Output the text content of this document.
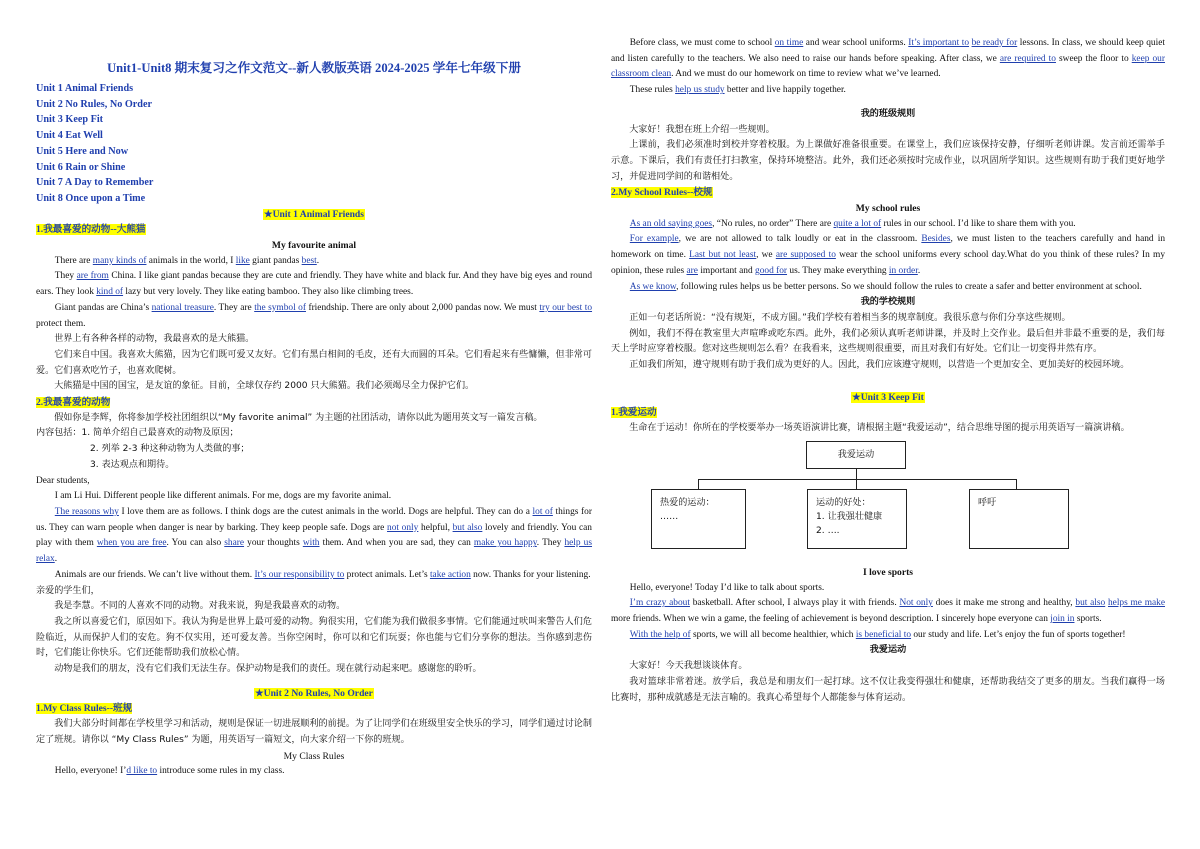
Unit1-Unit8 期末复习之作文范文--新人教版英语 2024-2025 学年七年级下册
Unit 1 Animal Friends
Unit 2 No Rules, No Order
Unit 3 Keep Fit
Unit 4 Eat Well
Unit 5 Here and Now
Unit 6 Rain or Shine
Unit 7 A Day to Remember
Unit 8 Once upon a Time
★Unit 1 Animal Friends
1.我最喜爱的动物--大熊猫
My favourite animal
There are many kinds of animals in the world, I like giant pandas best.
They are from China. I like giant pandas because they are cute and friendly. They have white and black fur. And they have big eyes and round ears. They look kind of lazy but very lovely. They like eating bamboo. They also like climbing trees.
Giant pandas are China’s national treasure. They are the symbol of friendship. There are only about 2,000 pandas now. We must try our best to protect them.
世界上有各种各样的动物，我最喜欢的是大熊猫。
它们来自中国。我喜欢大熊猫，因为它们既可爱又友好。它们有黑白相间的毛皮，还有大而圆的耳朵。它们看起来有些慵懒，但非常可爱。它们喜欢吃竹子，也喜欢爬树。
大熊猫是中国的国宝，是友谊的象征。目前，全球仅存约 2000 只大熊猫。我们必须竭尽全力保护它们。
2.我最喜爱的动物
假如你是李辉，你将参加学校社团组织以“My favorite animal” 为主题的社团活动，请你以此为题用英文写一篇发言稿。
内容包括：1. 简单介绍自己最喜欢的动物及原因；
2. 列举 2-3 种这种动物为人类做的事；
3. 表达观点和期待。
Dear students,
I am Li Hui. Different people like different animals. For me, dogs are my favorite animal.
The reasons why I love them are as follows. I think dogs are the cutest animals in the world. Dogs are helpful. They can do a lot of things for us. They can warn people when danger is near by barking. They keep people safe. Dogs are not only helpful, but also lovely and friendly. You can play with them when you are free. You can also share your thoughts with them. And when you are sad, they can make you happy. They help us relax.
Animals are our friends. We can’t live without them. It’s our responsibility to protect animals. Let’s take action now. Thanks for your listening.
亲爱的学生们，
我是李慧。不同的人喜欢不同的动物。对我来说，狗是我最喜欢的动物。
我之所以喜爱它们，原因如下。我认为狗是世界上最可爱的动物。狗很实用，它们能为我们做很多事情。它们能通过吠叫来警告人们危险临近，从而保护人们的安危。狗不仅实用，还可爱友善。当你空闲时，你可以和它们玩耍；你也能与它们分享你的想法。当你感到悲伤时，它们能让你快乐。它们还能帮助我们放松心情。
动物是我们的朋友，没有它们我们无法生存。保护动物是我们的责任。现在就行动起来吧。感谢您的聆听。
★Unit 2 No Rules, No Order
1.My Class Rules--班规
我们大部分时间都在学校里学习和活动，规则是保证一切进展顺利的前提。为了让同学们在班级里安全快乐的学习，同学们通过讨论制定了班规。请你以 “My Class Rules” 为题，用英语写一篇短文，向大家介绍一下你的班规。
My Class Rules
Hello, everyone! I’d like to introduce some rules in my class.
Before class, we must come to school on time and wear school uniforms. It’s important to be ready for lessons. In class, we should keep quiet and listen carefully to the teachers. We also need to raise our hands before speaking. After class, we are required to sweep the floor to keep our classroom clean. And we must do our homework on time to review what we’ve learned.
These rules help us study better and live happily together.
我的班级规则
大家好！我想在班上介绍一些规则。
上课前，我们必须准时到校并穿着校服。为上课做好准备很重要。在课堂上，我们应该保持安静，仔细听老师讲课。发言前还需举手示意。下课后，我们有责任打扫教室，保持环境整洁。此外，我们还必须按时完成作业，以巩固所学知识。这些规则有助于我们更好地学习，并促进同学间的和谐相处。
2.My School Rules--校规
My school rules
As an old saying goes, “No rules, no order” There are quite a lot of rules in our school. I’d like to share them with you.
For example, we are not allowed to talk loudly or eat in the classroom. Besides, we must listen to the teachers carefully and hand in homework on time. Last but not least, we are supposed to wear the school uniforms every school day.What do you think of these rules? In my opinion, these rules are important and good for us. They make everything in order.
As we know, following rules helps us be better persons. So we should follow the rules to create a safer and better environment at school.
我的学校规则
正如一句老话所说：“没有规矩，不成方圆。”我们学校有着相当多的规章制度。我很乐意与你们分享这些规则。
例如，我们不得在教室里大声喧哗或吃东西。此外，我们必须认真听老师讲课，并及时上交作业。最后但并非最不重要的是，我们每天上学时应穿着校服。您对这些规则怎么看？在我看来，这些规则很重要，而且对我们有好处。它们让一切变得井然有序。
正如我们所知，遵守规则有助于我们成为更好的人。因此，我们应该遵守规则，以营造一个更加安全、更加美好的校园环境。
★Unit 3 Keep Fit
1.我爱运动
生命在于运动！你所在的学校要举办一场英语演讲比赛，请根据主题“我爱运动”，结合思维导图的提示用英语写一篇演讲稿。
我爱运动
热爱的运动：
……
运动的好处：
1. 让我强壮健康
2. ….
呼吁
I love sports
Hello, everyone! Today I’d like to talk about sports.
I’m crazy about basketball. After school, I always play it with friends. Not only does it make me strong and healthy, but also helps me make more friends. When we win a game, the feeling of achievement is beyond description. I sincerely hope everyone can join in sports.
With the help of sports, we will all become healthier, which is beneficial to our study and life. Let’s enjoy the fun of sports together!
我爱运动
大家好！今天我想谈谈体育。
我对篮球非常着迷。放学后，我总是和朋友们一起打球。这不仅让我变得强壮和健康，还帮助我结交了更多的朋友。当我们赢得一场比赛时，那种成就感是无法言喻的。我真心希望每个人都能参与体育运动。
